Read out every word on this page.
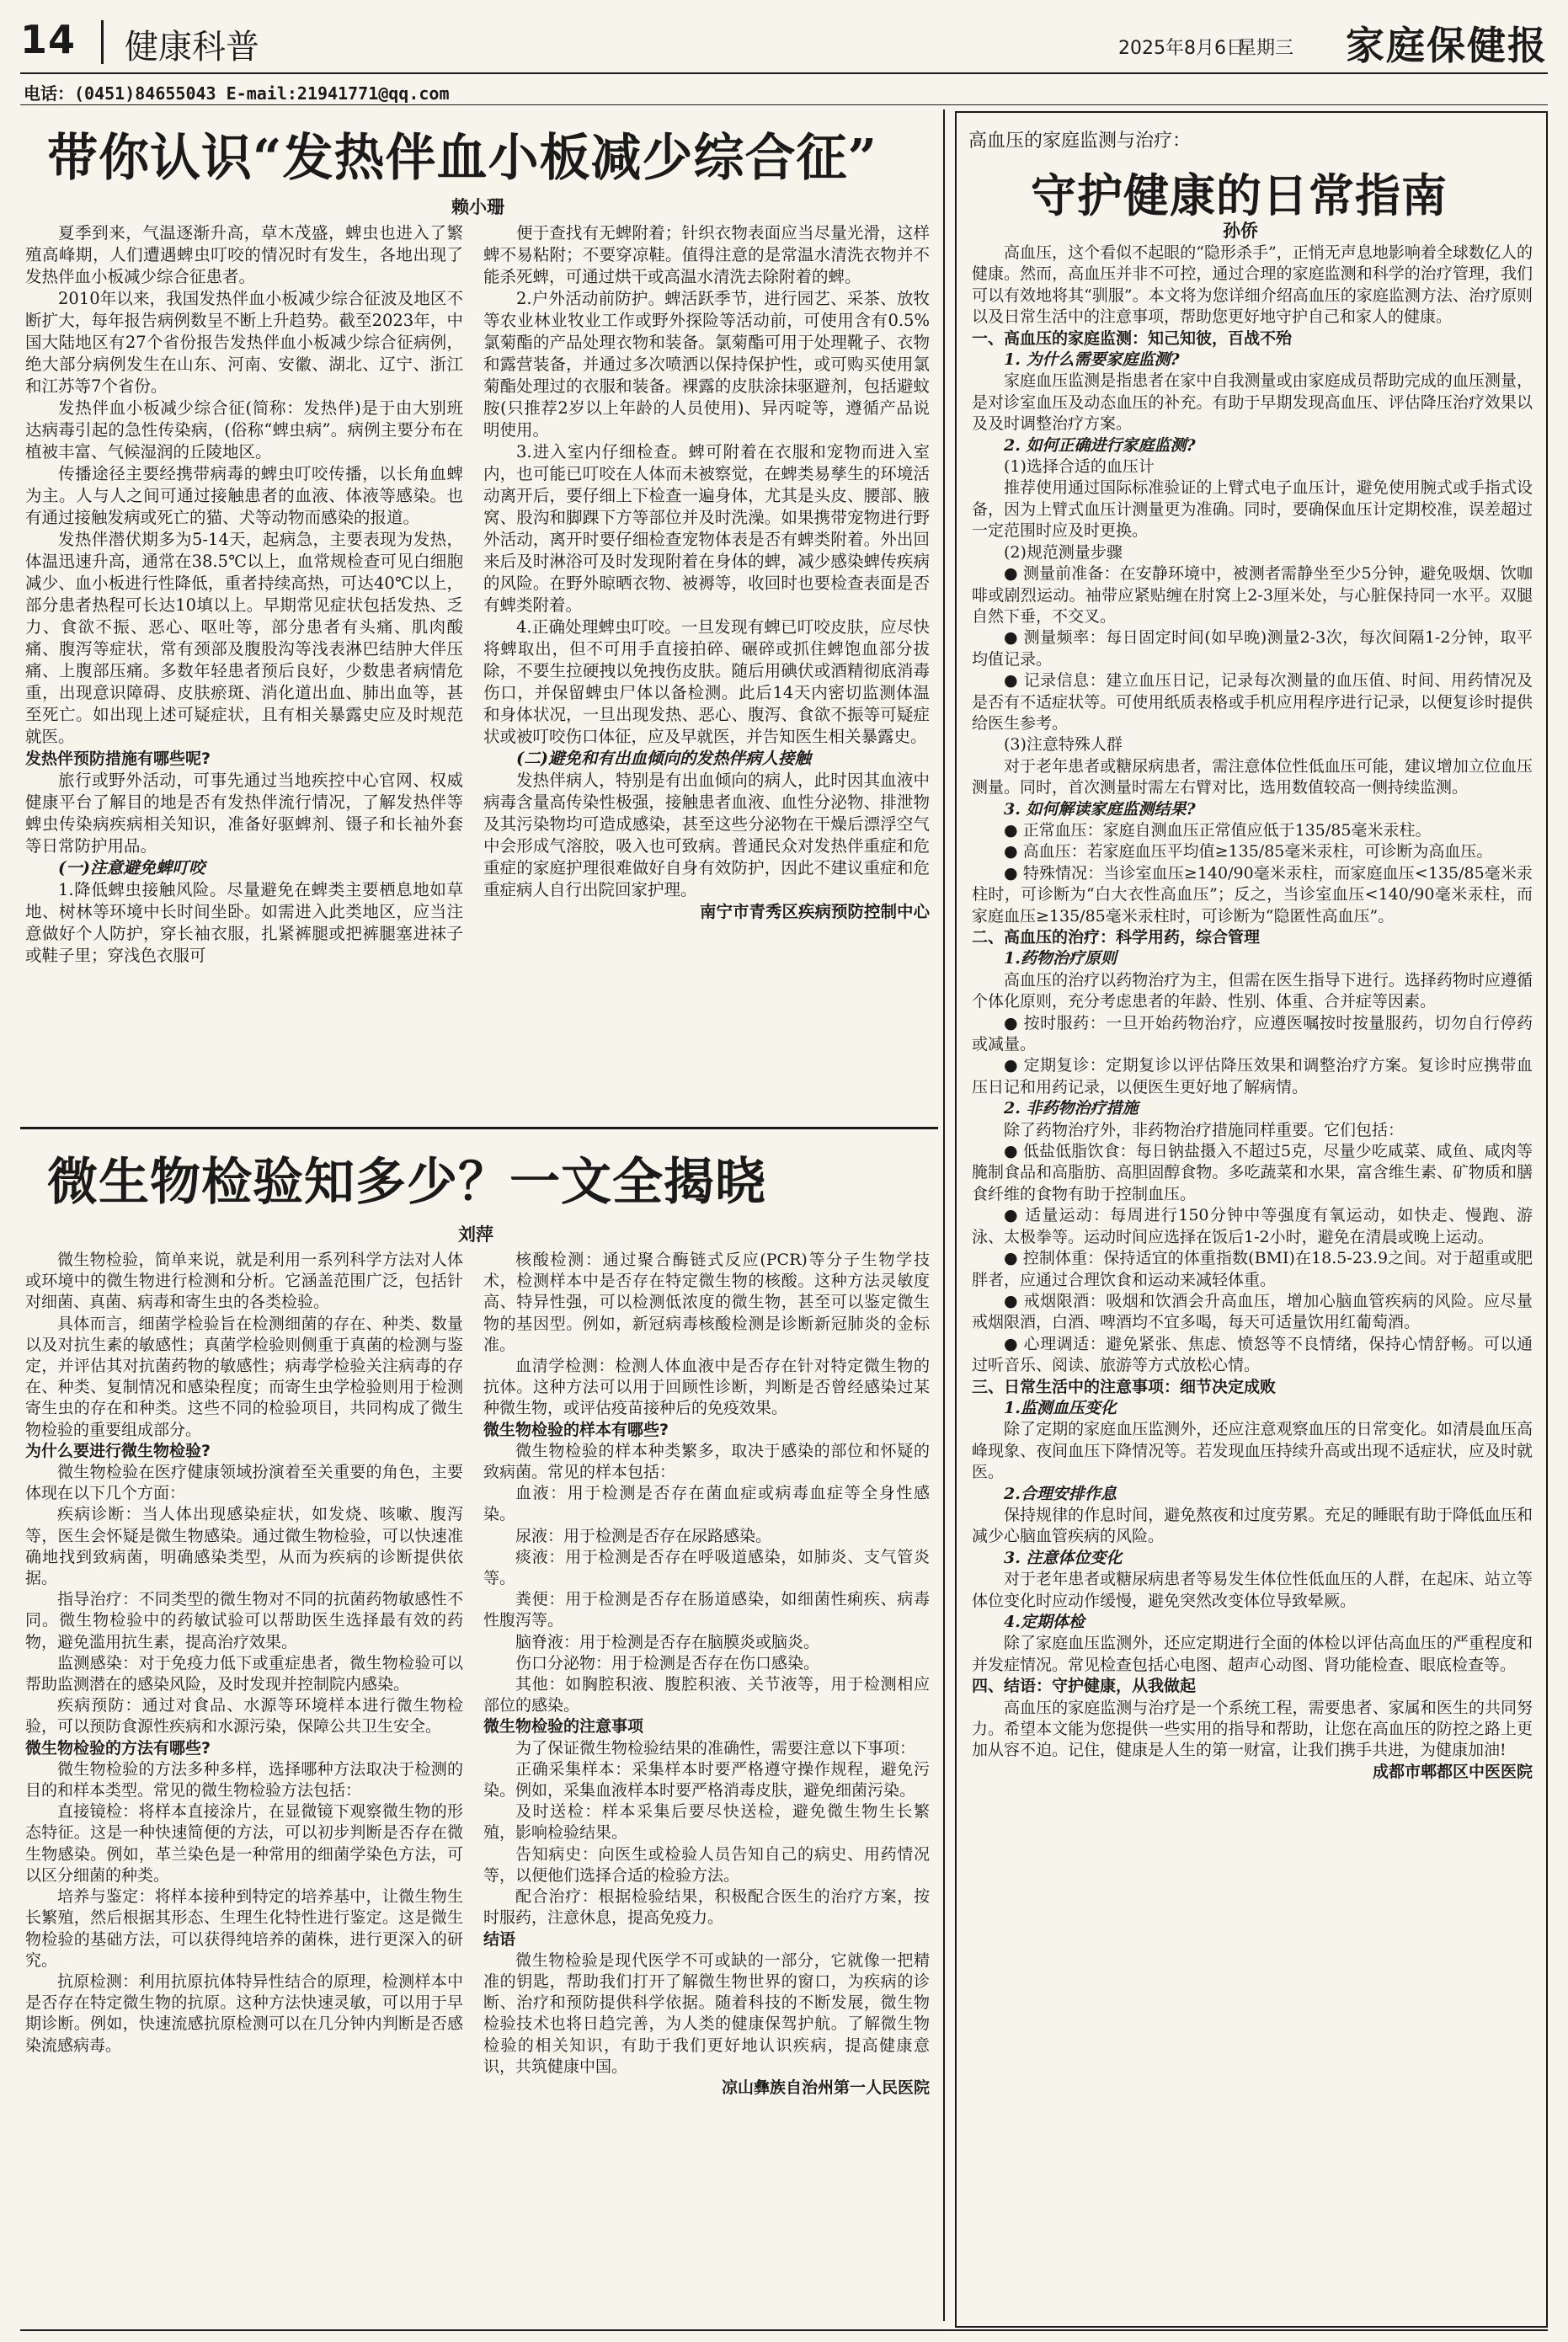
14 健康科普	2025年8月6日
星期三 家庭保健报
电话：(0451)84655043 E-mail:21941771@qq.com
带你认识“发热伴血小板减少综合征”
赖小珊

夏季到来，气温逐渐升高，草木茂盛，蜱虫也进入了繁殖高峰期，人们遭遇蜱虫叮咬的情况时有发生，各地出现了发热伴血小板减少综合征患者。

2010年以来，我国发热伴血小板减少综合征波及地区不断扩大，每年报告病例数呈不断上升趋势。截至2023年，中国大陆地区有27个省份报告发热伴血小板减少综合征病例，绝大部分病例发生在山东、河南、安徽、湖北、辽宁、浙江和江苏等7个省份。

发热伴血小板减少综合征(简称：发热伴)是于由大别班达病毒引起的急性传染病，(俗称“蜱虫病”。病例主要分布在植被丰富、气候湿润的丘陵地区。

传播途径主要经携带病毒的蜱虫叮咬传播，以长角血蜱为主。人与人之间可通过接触患者的血液、体液等感染。也有通过接触发病或死亡的猫、犬等动物而感染的报道。

发热伴潜伏期多为5-14天，起病急，主要表现为发热，体温迅速升高，通常在38.5℃以上，血常规检查可见白细胞减少、血小板进行性降低，重者持续高热，可达40℃以上，部分患者热程可长达10填以上。早期常见症状包括发热、乏力、食欲不振、恶心、呕吐等，部分患者有头痛、肌肉酸痛、腹泻等症状，常有颈部及腹股沟等浅表淋巴结肿大伴压痛、上腹部压痛。多数年轻患者预后良好，少数患者病情危重，出现意识障碍、皮肤瘀斑、消化道出血、肺出血等，甚至死亡。如出现上述可疑症状，且有相关暴露史应及时规范就医。

发热伴预防措施有哪些呢?

旅行或野外活动，可事先通过当地疾控中心官网、权威健康平台了解目的地是否有发热伴流行情况，了解发热伴等蜱虫传染病疾病相关知识，准备好驱蜱剂、镊子和长袖外套等日常防护用品。

(一)注意避免蜱叮咬

1.降低蜱虫接触风险。尽量避免在蜱类主要栖息地如草地、树林等环境中长时间坐卧。如需进入此类地区，应当注意做好个人防护，穿长袖衣服，扎紧裤腿或把裤腿塞进袜子或鞋子里；穿浅色衣服可

便于查找有无蜱附着；针织衣物表面应当尽量光滑，这样蜱不易粘附；不要穿凉鞋。值得注意的是常温水清洗衣物并不能杀死蜱，可通过烘干或高温水清洗去除附着的蜱。

2.户外活动前防护。蜱活跃季节，进行园艺、采茶、放牧等农业林业牧业工作或野外探险等活动前，可使用含有0.5%氯菊酯的产品处理衣物和装备。氯菊酯可用于处理靴子、衣物和露营装备，并通过多次喷洒以保持保护性，或可购买使用氯菊酯处理过的衣服和装备。裸露的皮肤涂抹驱避剂，包括避蚊胺(只推荐2岁以上年龄的人员使用)、异丙啶等，遵循产品说明使用。

3.进入室内仔细检查。蜱可附着在衣服和宠物而进入室内，也可能已叮咬在人体而未被察觉，在蜱类易孳生的环境活动离开后，要仔细上下检查一遍身体，尤其是头皮、腰部、腋窝、股沟和脚踝下方等部位并及时洗澡。如果携带宠物进行野外活动，离开时要仔细检查宠物体表是否有蜱类附着。外出回来后及时淋浴可及时发现附着在身体的蜱，减少感染蜱传疾病的风险。在野外晾晒衣物、被褥等，收回时也要检查表面是否有蜱类附着。

4.正确处理蜱虫叮咬。一旦发现有蜱已叮咬皮肤，应尽快将蜱取出，但不可用手直接拍碎、碾碎或抓住蜱饱血部分拔除，不要生拉硬拽以免拽伤皮肤。随后用碘伏或酒精彻底消毒伤口，并保留蜱虫尸体以备检测。此后14天内密切监测体温和身体状况，一旦出现发热、恶心、腹泻、食欲不振等可疑症状或被叮咬伤口体征，应及早就医，并告知医生相关暴露史。

(二)避免和有出血倾向的发热伴病人接触

发热伴病人，特别是有出血倾向的病人，此时因其血液中病毒含量高传染性极强，接触患者血液、血性分泌物、排泄物及其污染物均可造成感染，甚至这些分泌物在干燥后漂浮空气中会形成气溶胶，吸入也可致病。普通民众对发热伴重症和危重症的家庭护理很难做好自身有效防护，因此不建议重症和危重症病人自行出院回家护理。

南宁市青秀区疾病预防控制中心

微生物检验知多少？一文全揭晓
刘萍

微生物检验，简单来说，就是利用一系列科学方法对人体或环境中的微生物进行检测和分析。它涵盖范围广泛，包括针对细菌、真菌、病毒和寄生虫的各类检验。

具体而言，细菌学检验旨在检测细菌的存在、种类、数量以及对抗生素的敏感性；真菌学检验则侧重于真菌的检测与鉴定，并评估其对抗菌药物的敏感性；病毒学检验关注病毒的存在、种类、复制情况和感染程度；而寄生虫学检验则用于检测寄生虫的存在和种类。这些不同的检验项目，共同构成了微生物检验的重要组成部分。

为什么要进行微生物检验?

微生物检验在医疗健康领域扮演着至关重要的角色，主要体现在以下几个方面：

疾病诊断：当人体出现感染症状，如发烧、咳嗽、腹泻等，医生会怀疑是微生物感染。通过微生物检验，可以快速准确地找到致病菌，明确感染类型，从而为疾病的诊断提供依据。

指导治疗：不同类型的微生物对不同的抗菌药物敏感性不同。微生物检验中的药敏试验可以帮助医生选择最有效的药物，避免滥用抗生素，提高治疗效果。

监测感染：对于免疫力低下或重症患者，微生物检验可以帮助监测潜在的感染风险，及时发现并控制院内感染。

疾病预防：通过对食品、水源等环境样本进行微生物检验，可以预防食源性疾病和水源污染，保障公共卫生安全。

微生物检验的方法有哪些?

微生物检验的方法多种多样，选择哪种方法取决于检测的目的和样本类型。常见的微生物检验方法包括：

直接镜检：将样本直接涂片，在显微镜下观察微生物的形态特征。这是一种快速简便的方法，可以初步判断是否存在微生物感染。例如，革兰染色是一种常用的细菌学染色方法，可以区分细菌的种类。

培养与鉴定：将样本接种到特定的培养基中，让微生物生长繁殖，然后根据其形态、生理生化特性进行鉴定。这是微生物检验的基础方法，可以获得纯培养的菌株，进行更深入的研究。

抗原检测：利用抗原抗体特异性结合的原理，检测样本中是否存在特定微生物的抗原。这种方法快速灵敏，可以用于早期诊断。例如，快速流感抗原检测可以在几分钟内判断是否感染流感病毒。

核酸检测：通过聚合酶链式反应(PCR)等分子生物学技术，检测样本中是否存在特定微生物的核酸。这种方法灵敏度高、特异性强，可以检测低浓度的微生物，甚至可以鉴定微生物的基因型。例如，新冠病毒核酸检测是诊断新冠肺炎的金标准。

血清学检测：检测人体血液中是否存在针对特定微生物的抗体。这种方法可以用于回顾性诊断，判断是否曾经感染过某种微生物，或评估疫苗接种后的免疫效果。

微生物检验的样本有哪些?

微生物检验的样本种类繁多，取决于感染的部位和怀疑的致病菌。常见的样本包括：

血液：用于检测是否存在菌血症或病毒血症等全身性感染。

尿液：用于检测是否存在尿路感染。

痰液：用于检测是否存在呼吸道感染，如肺炎、支气管炎等。

粪便：用于检测是否存在肠道感染，如细菌性痢疾、病毒性腹泻等。

脑脊液：用于检测是否存在脑膜炎或脑炎。

伤口分泌物：用于检测是否存在伤口感染。

其他：如胸腔积液、腹腔积液、关节液等，用于检测相应部位的感染。

微生物检验的注意事项

为了保证微生物检验结果的准确性，需要注意以下事项：

正确采集样本：采集样本时要严格遵守操作规程，避免污染。例如，采集血液样本时要严格消毒皮肤，避免细菌污染。

及时送检：样本采集后要尽快送检，避免微生物生长繁殖，影响检验结果。

告知病史：向医生或检验人员告知自己的病史、用药情况等，以便他们选择合适的检验方法。

配合治疗：根据检验结果，积极配合医生的治疗方案，按时服药，注意休息，提高免疫力。

结语

微生物检验是现代医学不可或缺的一部分，它就像一把精准的钥匙，帮助我们打开了解微生物世界的窗口，为疾病的诊断、治疗和预防提供科学依据。随着科技的不断发展，微生物检验技术也将日趋完善，为人类的健康保驾护航。了解微生物检验的相关知识，有助于我们更好地认识疾病，提高健康意识，共筑健康中国。

凉山彝族自治州第一人民医院

高血压的家庭监测与治疗：
守护健康的日常指南
孙侨

高血压，这个看似不起眼的“隐形杀手”，正悄无声息地影响着全球数亿人的健康。然而，高血压并非不可控，通过合理的家庭监测和科学的治疗管理，我们可以有效地将其“驯服”。本文将为您详细介绍高血压的家庭监测方法、治疗原则以及日常生活中的注意事项，帮助您更好地守护自己和家人的健康。

一、高血压的家庭监测：知己知彼，百战不殆

1. 为什么需要家庭监测?

家庭血压监测是指患者在家中自我测量或由家庭成员帮助完成的血压测量，是对诊室血压及动态血压的补充。有助于早期发现高血压、评估降压治疗效果以及及时调整治疗方案。

2. 如何正确进行家庭监测?

(1)选择合适的血压计

推荐使用通过国际标准验证的上臂式电子血压计，避免使用腕式或手指式设备，因为上臂式血压计测量更为准确。同时，要确保血压计定期校准，误差超过一定范围时应及时更换。

(2)规范测量步骤

● 测量前准备：在安静环境中，被测者需静坐至少5分钟，避免吸烟、饮咖啡或剧烈运动。袖带应紧贴缠在肘窝上2-3厘米处，与心脏保持同一水平。双腿自然下垂，不交叉。

● 测量频率：每日固定时间(如早晚)测量2-3次，每次间隔1-2分钟，取平均值记录。

● 记录信息：建立血压日记，记录每次测量的血压值、时间、用药情况及是否有不适症状等。可使用纸质表格或手机应用程序进行记录，以便复诊时提供给医生参考。

(3)注意特殊人群

对于老年患者或糖尿病患者，需注意体位性低血压可能，建议增加立位血压测量。同时，首次测量时需左右臂对比，选用数值较高一侧持续监测。

3. 如何解读家庭监测结果?

● 正常血压：家庭自测血压正常值应低于135/85毫米汞柱。

● 高血压：若家庭血压平均值≥135/85毫米汞柱，可诊断为高血压。

● 特殊情况：当诊室血压≥140/90毫米汞柱，而家庭血压<135/85毫米汞柱时，可诊断为“白大衣性高血压”；反之，当诊室血压<140/90毫米汞柱，而家庭血压≥135/85毫米汞柱时，可诊断为“隐匿性高血压”。

二、高血压的治疗：科学用药，综合管理

1.药物治疗原则

高血压的治疗以药物治疗为主，但需在医生指导下进行。选择药物时应遵循个体化原则，充分考虑患者的年龄、性别、体重、合并症等因素。

● 按时服药：一旦开始药物治疗，应遵医嘱按时按量服药，切勿自行停药或减量。

● 定期复诊：定期复诊以评估降压效果和调整治疗方案。复诊时应携带血压日记和用药记录，以便医生更好地了解病情。

2. 非药物治疗措施

除了药物治疗外，非药物治疗措施同样重要。它们包括：

● 低盐低脂饮食：每日钠盐摄入不超过5克，尽量少吃咸菜、咸鱼、咸肉等腌制食品和高脂肪、高胆固醇食物。多吃蔬菜和水果，富含维生素、矿物质和膳食纤维的食物有助于控制血压。

● 适量运动：每周进行150分钟中等强度有氧运动，如快走、慢跑、游泳、太极拳等。运动时间应选择在饭后1-2小时，避免在清晨或晚上运动。

● 控制体重：保持适宜的体重指数(BMI)在18.5-23.9之间。对于超重或肥胖者，应通过合理饮食和运动来减轻体重。

● 戒烟限酒：吸烟和饮酒会升高血压，增加心脑血管疾病的风险。应尽量戒烟限酒，白酒、啤酒均不宜多喝，每天可适量饮用红葡萄酒。

● 心理调适：避免紧张、焦虑、愤怒等不良情绪，保持心情舒畅。可以通过听音乐、阅读、旅游等方式放松心情。

三、日常生活中的注意事项：细节决定成败

1.监测血压变化

除了定期的家庭血压监测外，还应注意观察血压的日常变化。如清晨血压高峰现象、夜间血压下降情况等。若发现血压持续升高或出现不适症状，应及时就医。

2.合理安排作息

保持规律的作息时间，避免熬夜和过度劳累。充足的睡眠有助于降低血压和减少心脑血管疾病的风险。

3. 注意体位变化

对于老年患者或糖尿病患者等易发生体位性低血压的人群，在起床、站立等体位变化时应动作缓慢，避免突然改变体位导致晕厥。

4.定期体检

除了家庭血压监测外，还应定期进行全面的体检以评估高血压的严重程度和并发症情况。常见检查包括心电图、超声心动图、肾功能检查、眼底检查等。

四、结语：守护健康，从我做起

高血压的家庭监测与治疗是一个系统工程，需要患者、家属和医生的共同努力。希望本文能为您提供一些实用的指导和帮助，让您在高血压的防控之路上更加从容不迫。记住，健康是人生的第一财富，让我们携手共进，为健康加油!

成都市郫都区中医医院
